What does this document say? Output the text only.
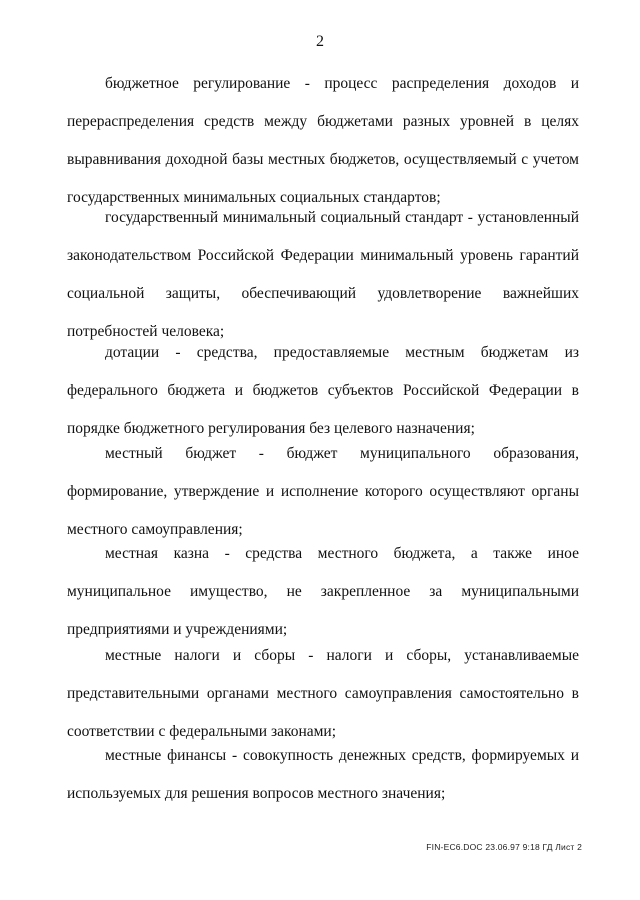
2

бюджетное регулирование - процесс распределения доходов и перераспределения средств между бюджетами разных уровней в целях выравнивания доходной базы местных бюджетов, осуществляемый с учетом государственных минимальных социальных стандартов;

государственный минимальный социальный стандарт - установленный законодательством Российской Федерации минимальный уровень гарантий социальной защиты, обеспечивающий удовлетворение важнейших потребностей человека;

дотации - средства, предоставляемые местным бюджетам из федерального бюджета и бюджетов субъектов Российской Федерации в порядке бюджетного регулирования без целевого назначения;

местный бюджет - бюджет муниципального образования, формирование, утверждение и исполнение которого осуществляют органы местного самоуправления;

местная казна - средства местного бюджета, а также иное муниципальное имущество, не закрепленное за муниципальными предприятиями и учреждениями;

местные налоги и сборы - налоги и сборы, устанавливаемые представительными органами местного самоуправления самостоятельно в соответствии с федеральными законами;

местные финансы - совокупность денежных средств, формируемых и используемых для решения вопросов местного значения;

FIN-EC6.DOC 23.06.97 9:18 ГД Лист 2
